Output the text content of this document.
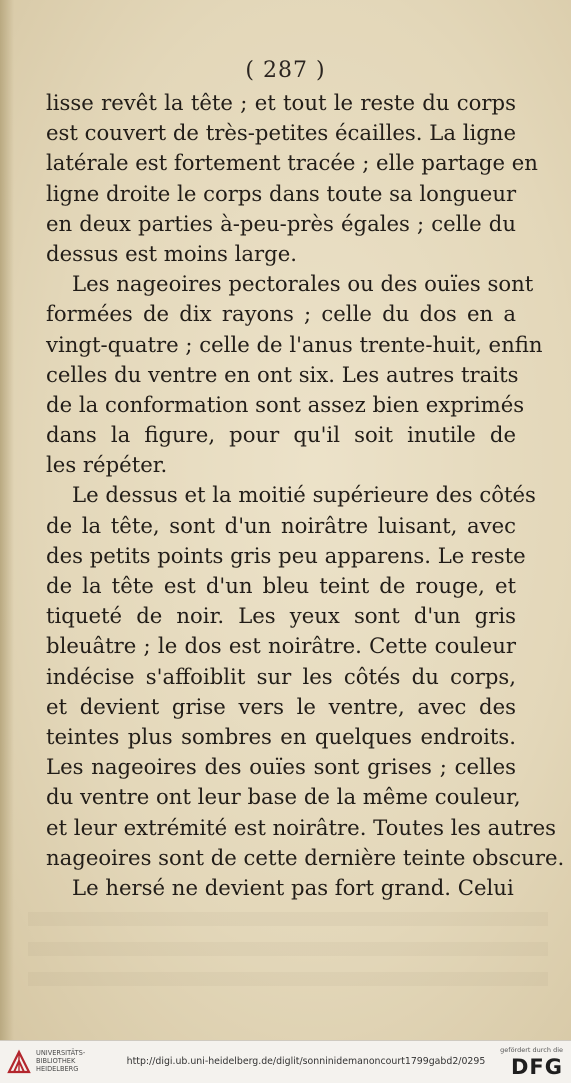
( 287 )
lisse revêt la tête ; et tout le reste du corps
est couvert de très-petites écailles. La ligne
latérale est fortement tracée ; elle partage en
ligne droite le corps dans toute sa longueur
en deux parties à-peu-près égales ; celle du
dessus est moins large.
Les nageoires pectorales ou des ouïes sont
formées de dix rayons ; celle du dos en a
vingt-quatre ; celle de l'anus trente-huit, enfin
celles du ventre en ont six. Les autres traits
de la conformation sont assez bien exprimés
dans la figure, pour qu'il soit inutile de
les répéter.
Le dessus et la moitié supérieure des côtés
de la tête, sont d'un noirâtre luisant, avec
des petits points gris peu apparens. Le reste
de la tête est d'un bleu teint de rouge, et
tiqueté de noir. Les yeux sont d'un gris
bleuâtre ; le dos est noirâtre. Cette couleur
indécise s'affoiblit sur les côtés du corps,
et devient grise vers le ventre, avec des
teintes plus sombres en quelques endroits.
Les nageoires des ouïes sont grises ; celles
du ventre ont leur base de la même couleur,
et leur extrémité est noirâtre. Toutes les autres
nageoires sont de cette dernière teinte obscure.
Le hersé ne devient pas fort grand. Celui
UNIVERSITÄTS-
BIBLIOTHEK
HEIDELBERG
http://digi.ub.uni-heidelberg.de/diglit/sonninidemanoncourt1799gabd2/0295
gefördert durch die
DFG
